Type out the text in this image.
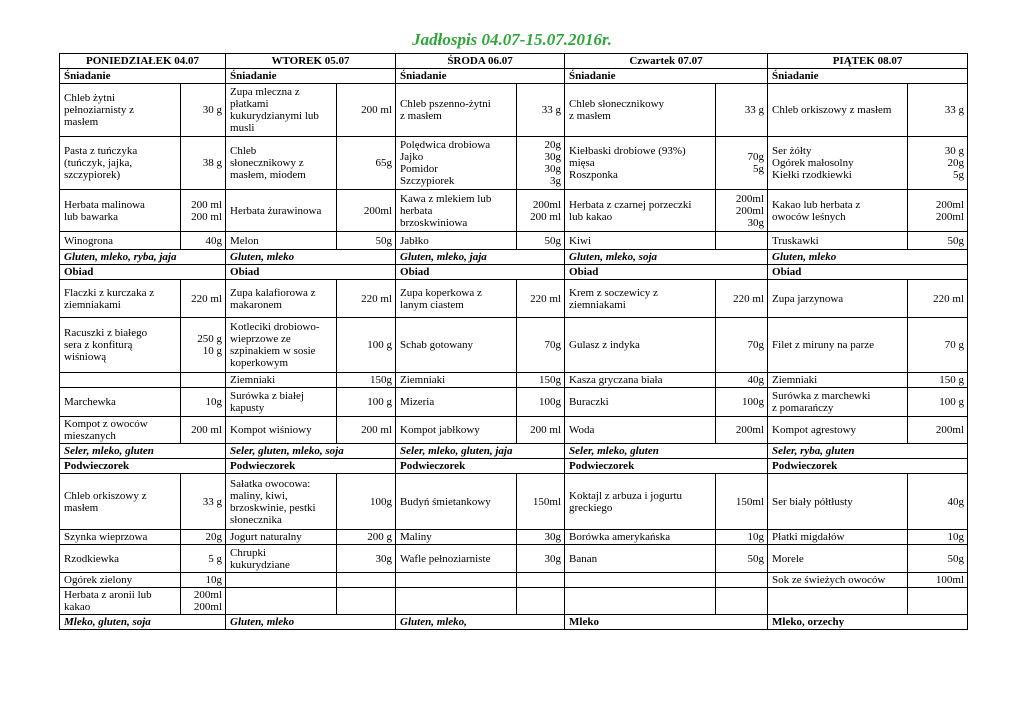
Jadłospis 04.07-15.07.2016r.
PONIEDZIAŁEK 04.07		WTOREK 05.07		ŚRODA 06.07		Czwartek 07.07		PIĄTEK 08.07	
Śniadanie		Śniadanie		Śniadanie		Śniadanie		Śniadanie	
Chleb żytni
pełnoziarnisty z
masłem	30 g	Zupa mleczna z
płatkami
kukurydzianymi lub
musli	200 ml	Chleb pszenno-żytni
z masłem	33 g	Chleb słonecznikowy
z masłem	33 g	Chleb orkiszowy z masłem	33 g
Pasta z tuńczyka
(tuńczyk, jajka,
szczypiorek)	38 g	Chleb
słonecznikowy z
masłem, miodem	65g	Polędwica drobiowa
Jajko
Pomidor
Szczypiorek	20g
30g
30g
3g	Kiełbaski drobiowe (93%)
mięsa
Roszponka	70g
5g	Ser żółty
Ogórek małosolny
Kiełki rzodkiewki	30 g
20g
5g
Herbata malinowa
lub bawarka	200 ml
200 ml	Herbata żurawinowa	200ml	Kawa z mlekiem lub
herbata
brzoskwiniowa	200ml
200 ml	Herbata z czarnej porzeczki
lub kakao	200ml
200ml
30g	Kakao lub herbata z
owoców leśnych	200ml
200ml
Winogrona	40g	Melon	50g	Jabłko	50g	Kiwi		Truskawki	50g
Gluten, mleko, ryba, jaja		Gluten, mleko		Gluten, mleko, jaja		Gluten, mleko, soja		Gluten, mleko	
Obiad		Obiad		Obiad		Obiad		Obiad	
Flaczki z kurczaka z
ziemniakami	220 ml	Zupa kalafiorowa z
makaronem	220 ml	Zupa koperkowa z
lanym ciastem	220 ml	Krem z soczewicy z
ziemniakami	220 ml	Zupa jarzynowa	220 ml
Racuszki z białego
sera z konfiturą
wiśniową	250 g
10 g	Kotleciki drobiowo-
wieprzowe ze
szpinakiem w sosie
koperkowym	100 g	Schab gotowany	70g	Gulasz z indyka	70g	Filet z miruny na parze	70 g
		Ziemniaki	150g	Ziemniaki	150g	Kasza gryczana biała	40g	Ziemniaki	150 g
Marchewka	10g	Surówka z białej
kapusty	100 g	Mizeria	100g	Buraczki	100g	Surówka z marchewki
z pomarańczy	100 g
Kompot z owoców
mieszanych	200 ml	Kompot wiśniowy	200 ml	Kompot jabłkowy	200 ml	Woda	200ml	Kompot agrestowy	200ml
Seler, mleko, gluten		Seler, gluten, mleko, soja		Seler, mleko, gluten, jaja		Seler, mleko, gluten		Seler, ryba, gluten	
Podwieczorek		Podwieczorek		Podwieczorek		Podwieczorek		Podwieczorek	
Chleb orkiszowy z
masłem	33 g	Sałatka owocowa:
maliny, kiwi,
brzoskwinie, pestki
słonecznika	100g	Budyń śmietankowy	150ml	Koktajl z arbuza i jogurtu
greckiego	150ml	Ser biały półtłusty	40g
Szynka wieprzowa	20g	Jogurt naturalny	200 g	Maliny	30g	Borówka amerykańska	10g	Płatki migdałów	10g
Rzodkiewka	5 g	Chrupki
kukurydziane	30g	Wafle pełnoziarniste	30g	Banan	50g	Morele	50g
Ogórek zielony	10g							Sok ze świeżych owoców	100ml
Herbata z aronii lub
kakao	200ml
200ml								
Mleko, gluten, soja		Gluten, mleko		Gluten, mleko,		Mleko		Mleko, orzechy	
